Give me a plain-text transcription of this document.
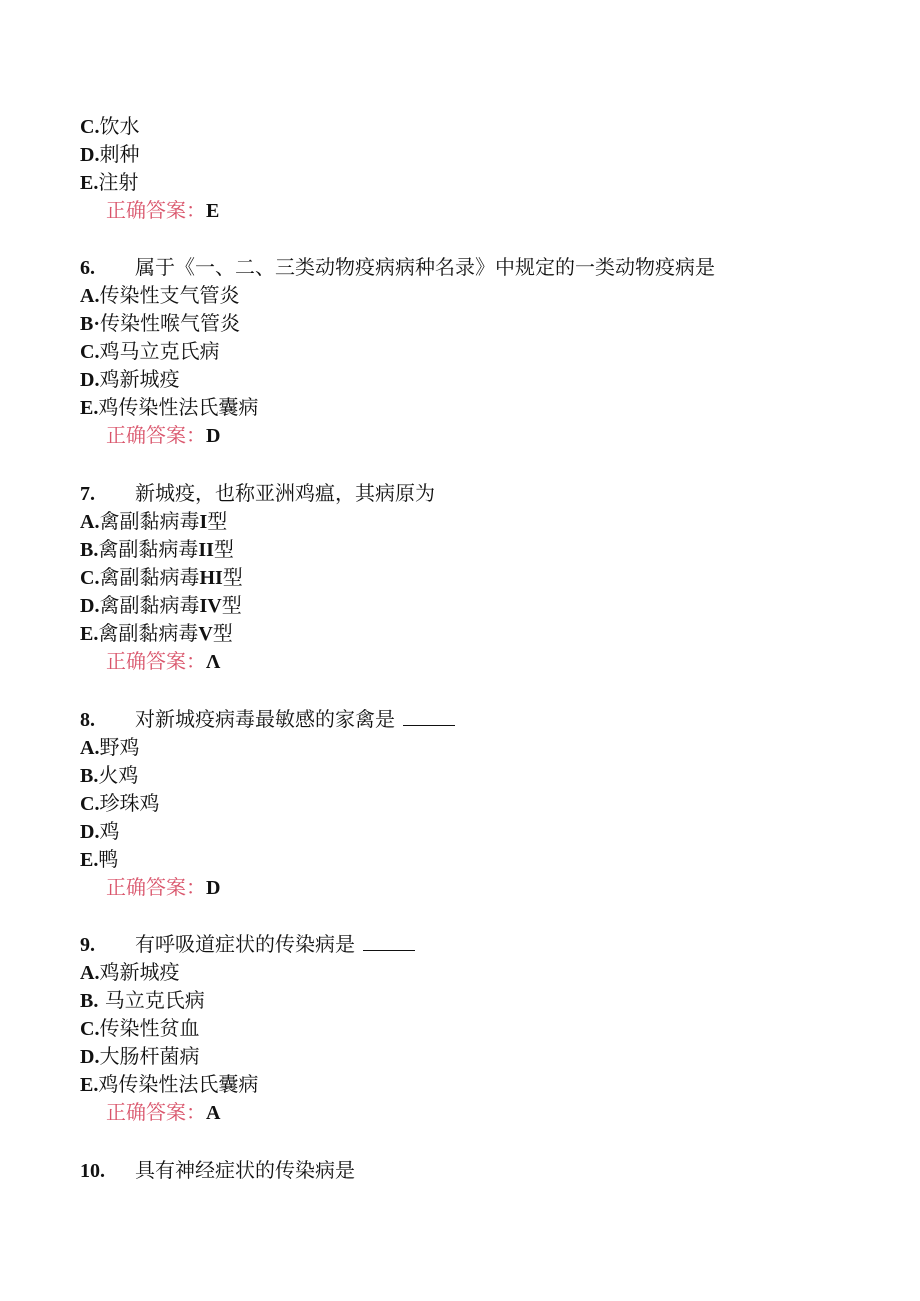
C.饮水
D.刺种
E.注射
正确答案：E
6. 属于《一、二、三类动物疫病病种名录》中规定的一类动物疫病是
A.传染性支气管炎
B·传染性喉气管炎
C.鸡马立克氏病
D.鸡新城疫
E.鸡传染性法氏囊病
正确答案：D
7. 新城疫，也称亚洲鸡瘟，其病原为
A.禽副黏病毒I型
B.禽副黏病毒II型
C.禽副黏病毒HI型
D.禽副黏病毒IV型
E.禽副黏病毒V型
正确答案：Λ
8. 对新城疫病毒最敏感的家禽是
A.野鸡
B.火鸡
C.珍珠鸡
D.鸡
E.鸭
正确答案：D
9. 有呼吸道症状的传染病是
A.鸡新城疫
B. 马立克氏病
C.传染性贫血
D.大肠杆菌病
E.鸡传染性法氏囊病
正确答案：A
10. 具有神经症状的传染病是
